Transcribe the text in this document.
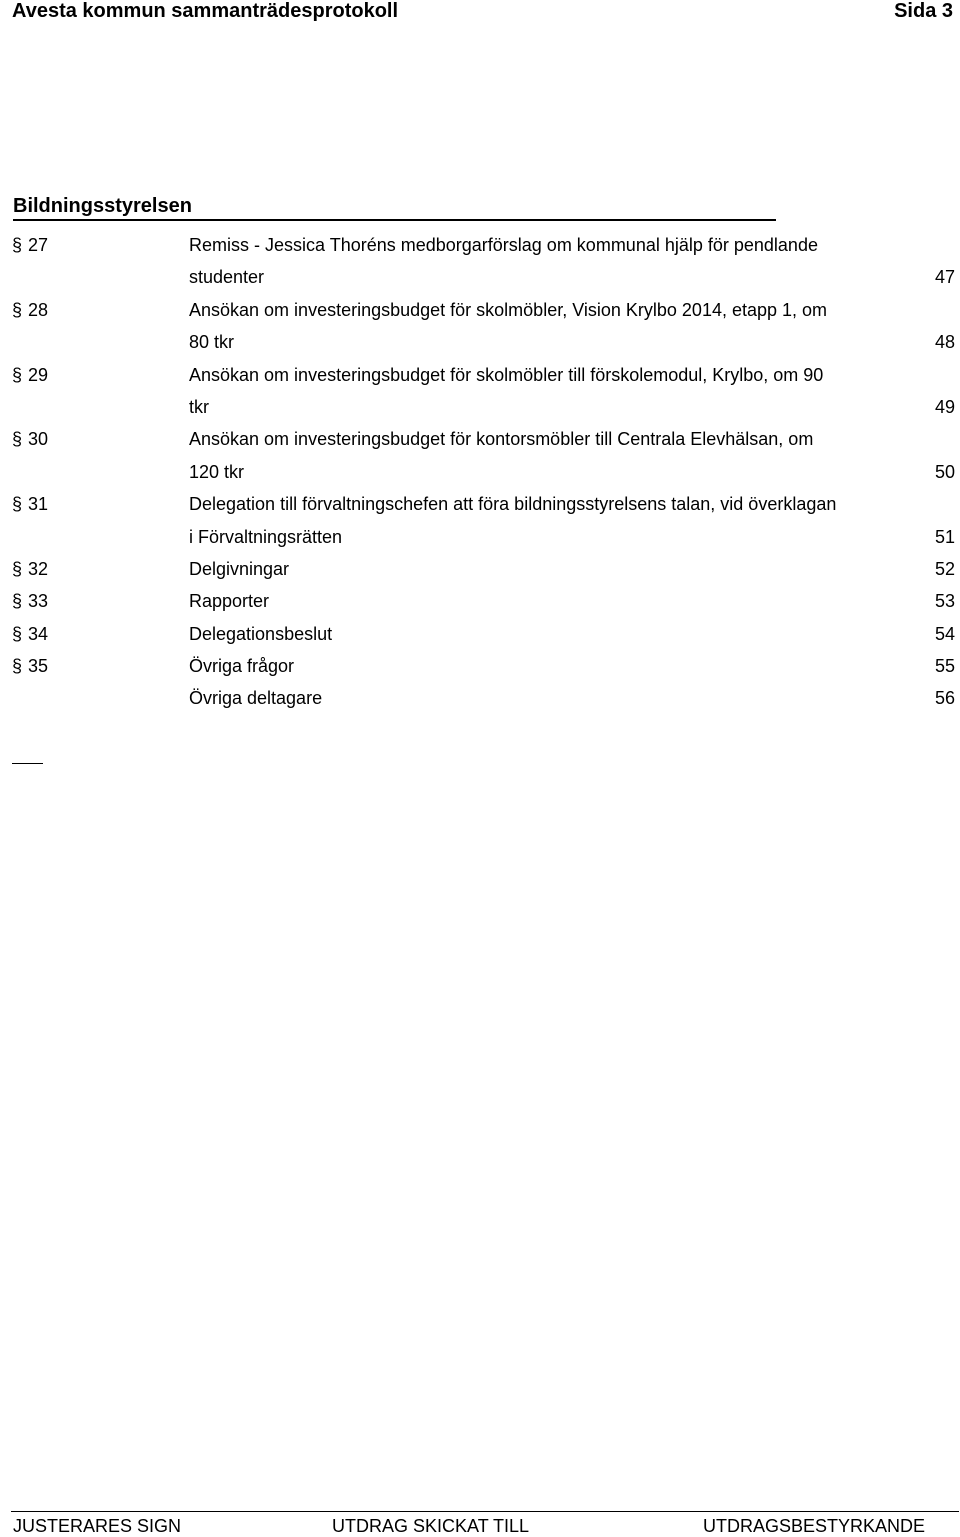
Avesta kommun sammanträdesprotokoll	Sida 3
Bildningsstyrelsen
§ 27	Remiss - Jessica Thoréns medborgarförslag om kommunal hjälp för pendlande
studenter	47
§ 28	Ansökan om investeringsbudget för skolmöbler, Vision Krylbo 2014, etapp 1, om
80 tkr	48
§ 29	Ansökan om investeringsbudget för skolmöbler till förskolemodul, Krylbo, om 90
tkr	49
§ 30	Ansökan om investeringsbudget för kontorsmöbler till Centrala Elevhälsan, om
120 tkr	50
§ 31	Delegation till förvaltningschefen att föra bildningsstyrelsens talan, vid överklagan
i Förvaltningsrätten	51
§ 32	Delgivningar	52
§ 33	Rapporter	53
§ 34	Delegationsbeslut	54
§ 35	Övriga frågor	55
Övriga deltagare	56
JUSTERARES SIGN	UTDRAG SKICKAT TILL	UTDRAGSBESTYRKANDE
